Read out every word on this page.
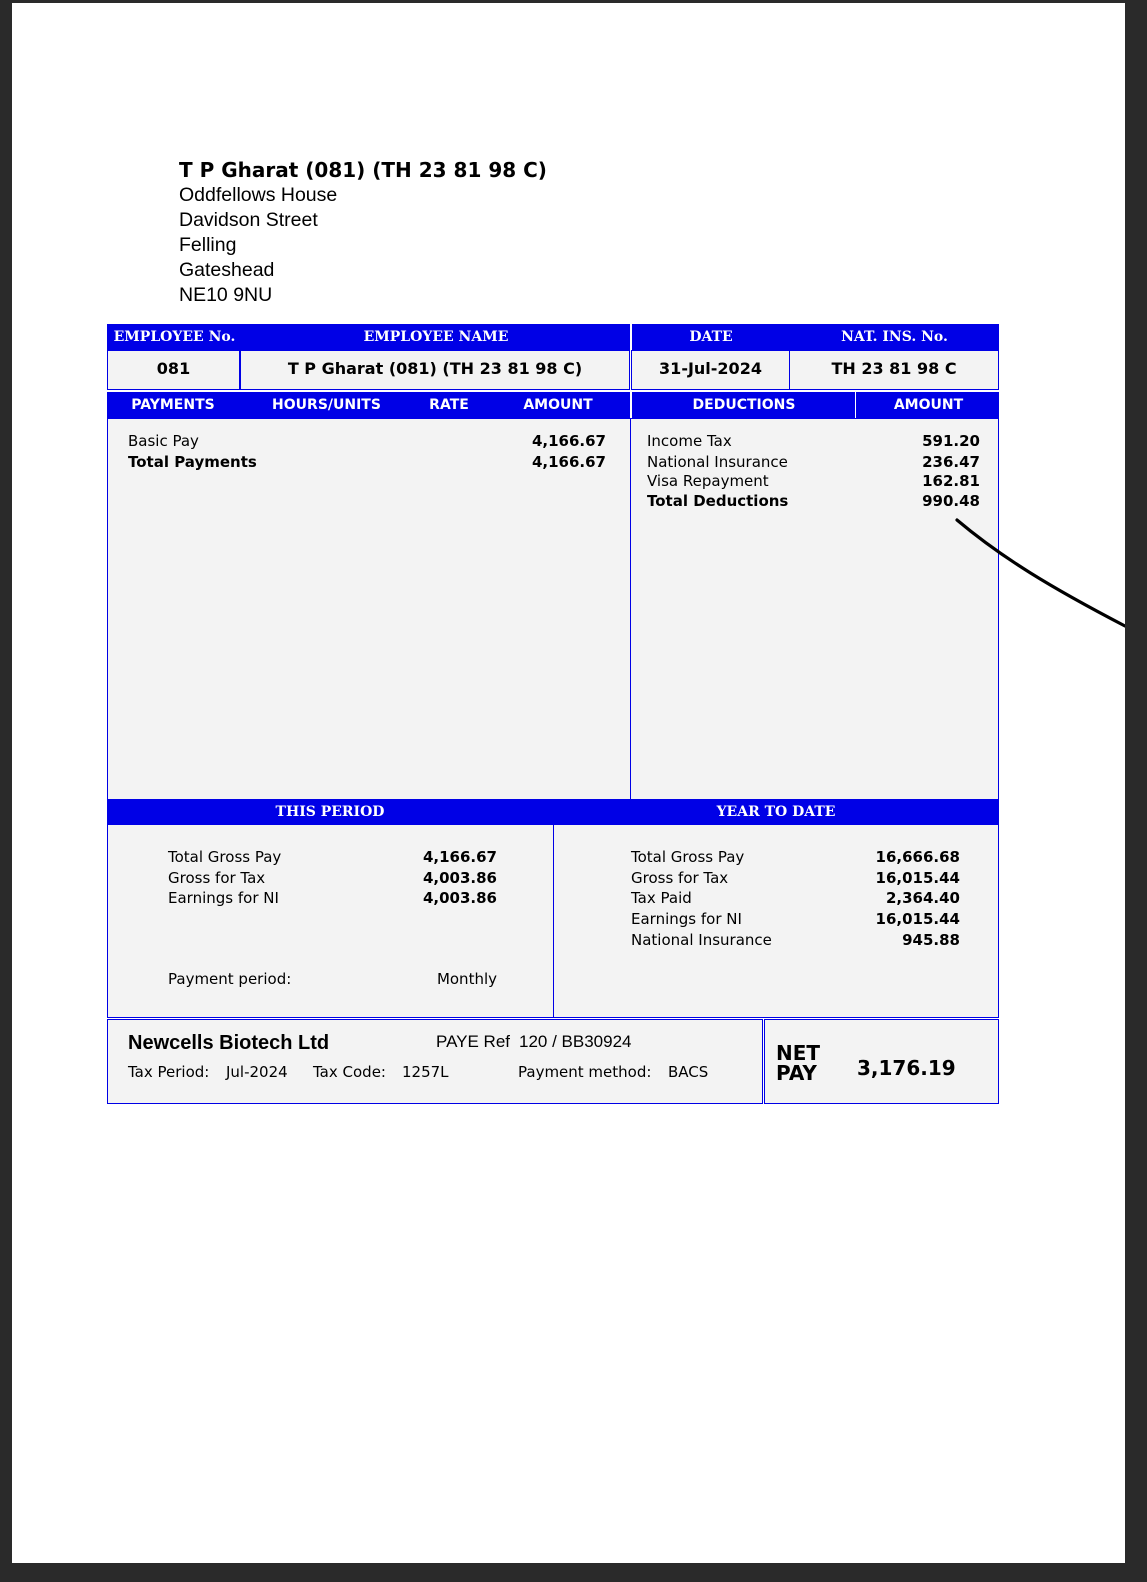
T P Gharat (081) (TH 23 81 98 C)
Oddfellows House
Davidson Street
Felling
Gateshead
NE10 9NU
EMPLOYEE No.	EMPLOYEE NAME	DATE	NAT. INS. No.
081	T P Gharat (081) (TH 23 81 98 C)	31-Jul-2024	TH 23 81 98 C
PAYMENTS	HOURS/UNITS	RATE	AMOUNT	DEDUCTIONS	AMOUNT
Basic Pay	4,166.67
Total Payments	4,166.67
Income Tax	591.20
National Insurance	236.47
Visa Repayment	162.81
Total Deductions	990.48
THIS PERIOD	YEAR TO DATE
Total Gross Pay	4,166.67
Gross for Tax	4,003.86
Earnings for NI	4,003.86
Payment period:	Monthly
Total Gross Pay	16,666.68
Gross for Tax	16,015.44
Tax Paid	2,364.40
Earnings for NI	16,015.44
National Insurance	945.88
Newcells Biotech Ltd	PAYE Ref 120 / BB30924
Tax Period: Jul-2024 Tax Code: 1257L	Payment method: BACS
NET
PAY 3,176.19
